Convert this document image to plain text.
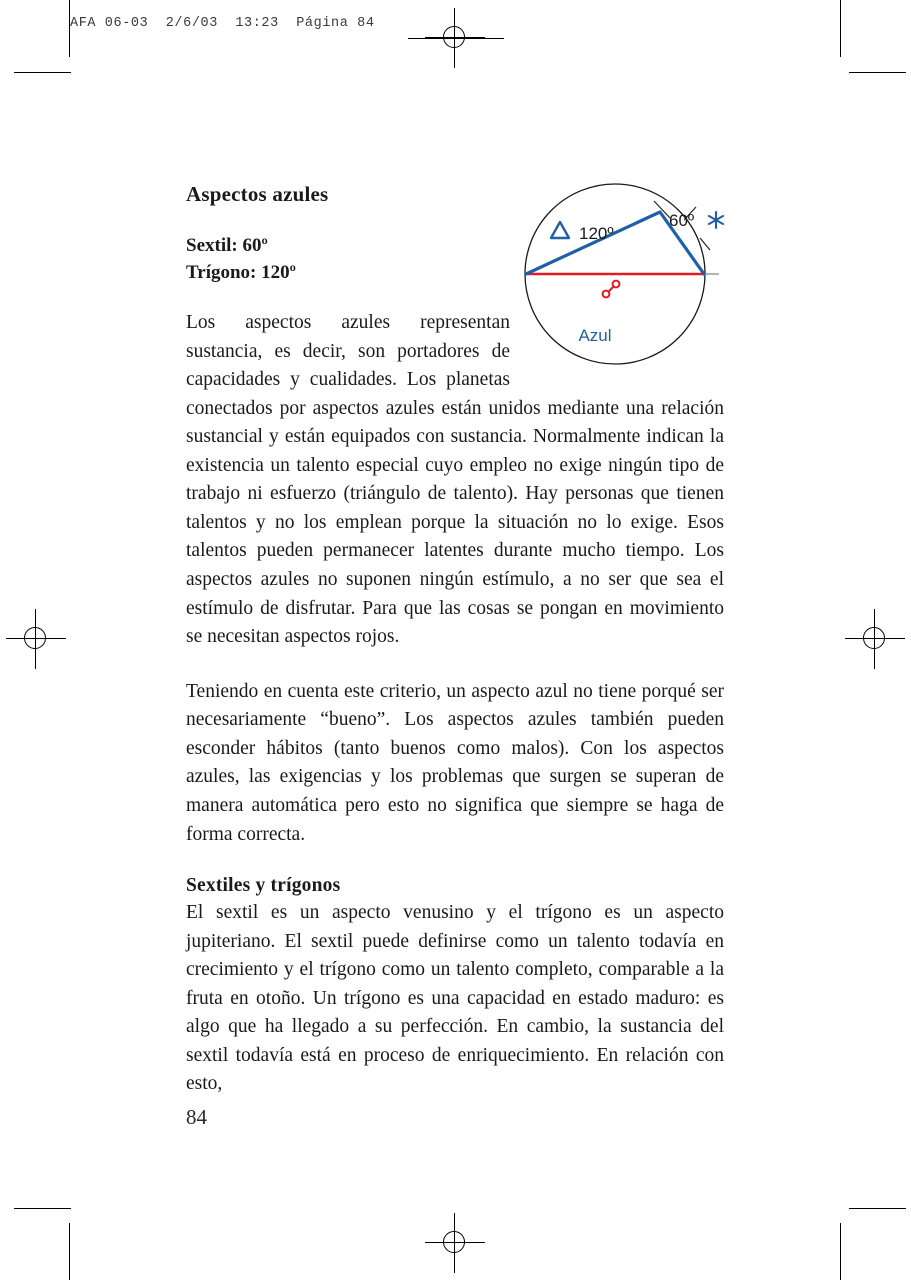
AFA 06-03  2/6/03  13:23  Página 84
120º
60º
Azul
Aspectos azules
Sextil: 60º
Trígono: 120º

Los aspectos azules representan sustancia, es decir, son portadores de capacidades y cualidades. Los planetas conectados por aspectos azules están unidos mediante una relación sustancial y están equipados con sustancia. Normalmente indican la existencia un talento especial cuyo empleo no exige ningún tipo de trabajo ni esfuerzo (triángulo de talento). Hay personas que tienen talentos y no los emplean porque la situación no lo exige. Esos talentos pueden permanecer latentes durante mucho tiempo. Los aspectos azules no suponen ningún estímulo, a no ser que sea el estímulo de disfrutar. Para que las cosas se pongan en movimiento se necesitan aspectos rojos.

Teniendo en cuenta este criterio, un aspecto azul no tiene porqué ser necesariamente “bueno”. Los aspectos azules también pueden esconder hábitos (tanto buenos como malos). Con los aspectos azules, las exigencias y los problemas que surgen se superan de manera automática pero esto no significa que siempre se haga de forma correcta.

Sextiles y trígonos

El sextil es un aspecto venusino y el trígono es un aspecto jupiteriano. El sextil puede definirse como un talento todavía en crecimiento y el trígono como un talento completo, comparable a la fruta en otoño. Un trígono es una capacidad en estado maduro: es algo que ha llegado a su perfección. En cambio, la sustancia del sextil todavía está en proceso de enriquecimiento. En relación con esto,

84
